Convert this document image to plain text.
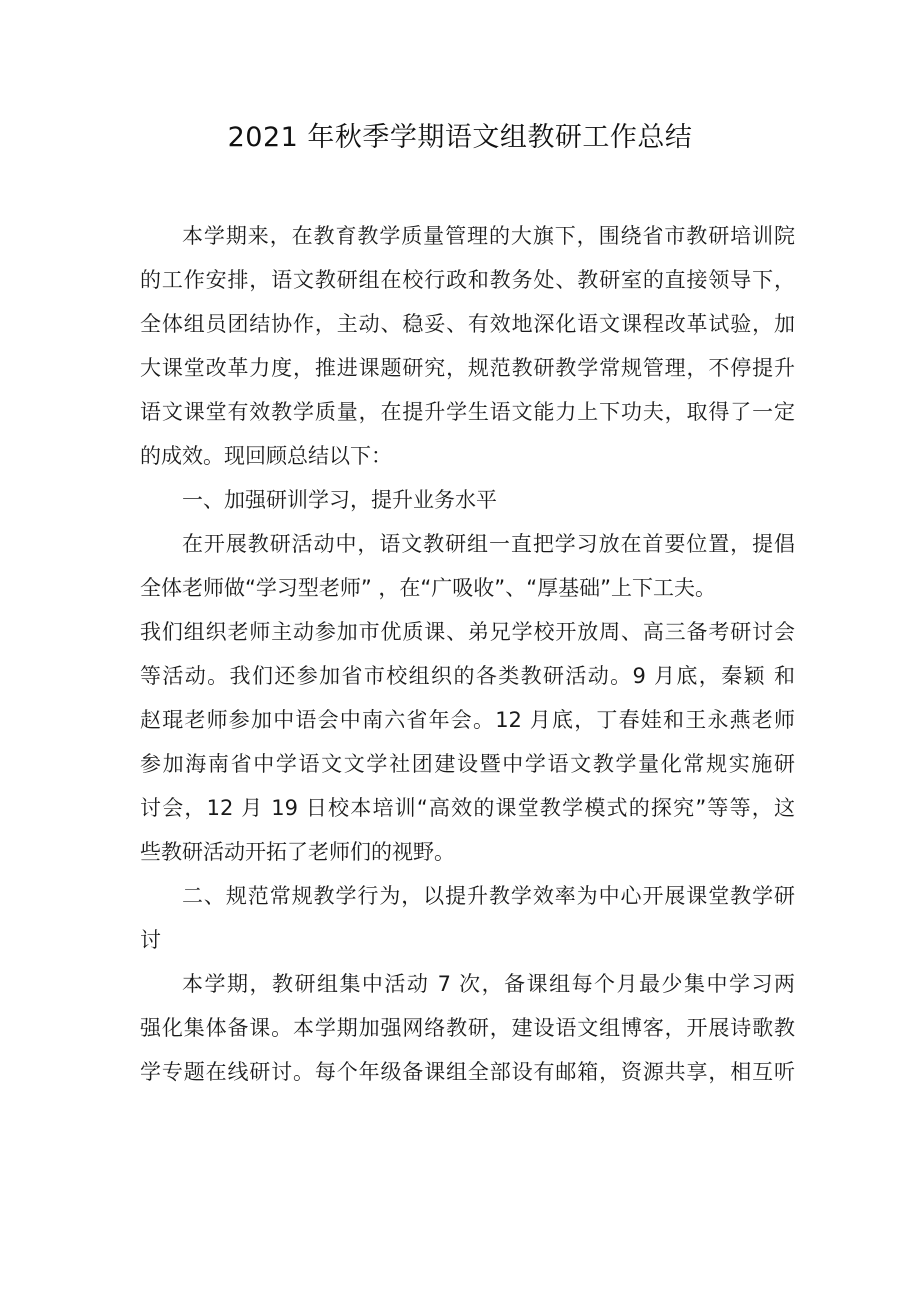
2021 年秋季学期语文组教研工作总结
本学期来，在教育教学质量管理的大旗下，围绕省市教研培训院
的工作安排，语文教研组在校行政和教务处、教研室的直接领导下，
全体组员团结协作，主动、稳妥、有效地深化语文课程改革试验，加
大课堂改革力度，推进课题研究，规范教研教学常规管理，不停提升
语文课堂有效教学质量，在提升学生语文能力上下功夫，取得了一定
的成效。现回顾总结以下：
一、加强研训学习，提升业务水平
在开展教研活动中，语文教研组一直把学习放在首要位置，提倡
全体老师做“学习型老师” ，在“广吸收”、“厚基础”上下工夫。
我们组织老师主动参加市优质课、弟兄学校开放周、高三备考研讨会
等活动。我们还参加省市校组织的各类教研活动。9 月底，秦颖 和
赵琨老师参加中语会中南六省年会。12 月底，丁春娃和王永燕老师
参加海南省中学语文文学社团建设暨中学语文教学量化常规实施研
讨会，12 月 19 日校本培训“高效的课堂教学模式的探究”等等，这
些教研活动开拓了老师们的视野。
二、规范常规教学行为，以提升教学效率为中心开展课堂教学研
讨
本学期，教研组集中活动 7 次，备课组每个月最少集中学习两
强化集体备课。本学期加强网络教研，建设语文组博客，开展诗歌教
学专题在线研讨。每个年级备课组全部设有邮箱，资源共享，相互听
